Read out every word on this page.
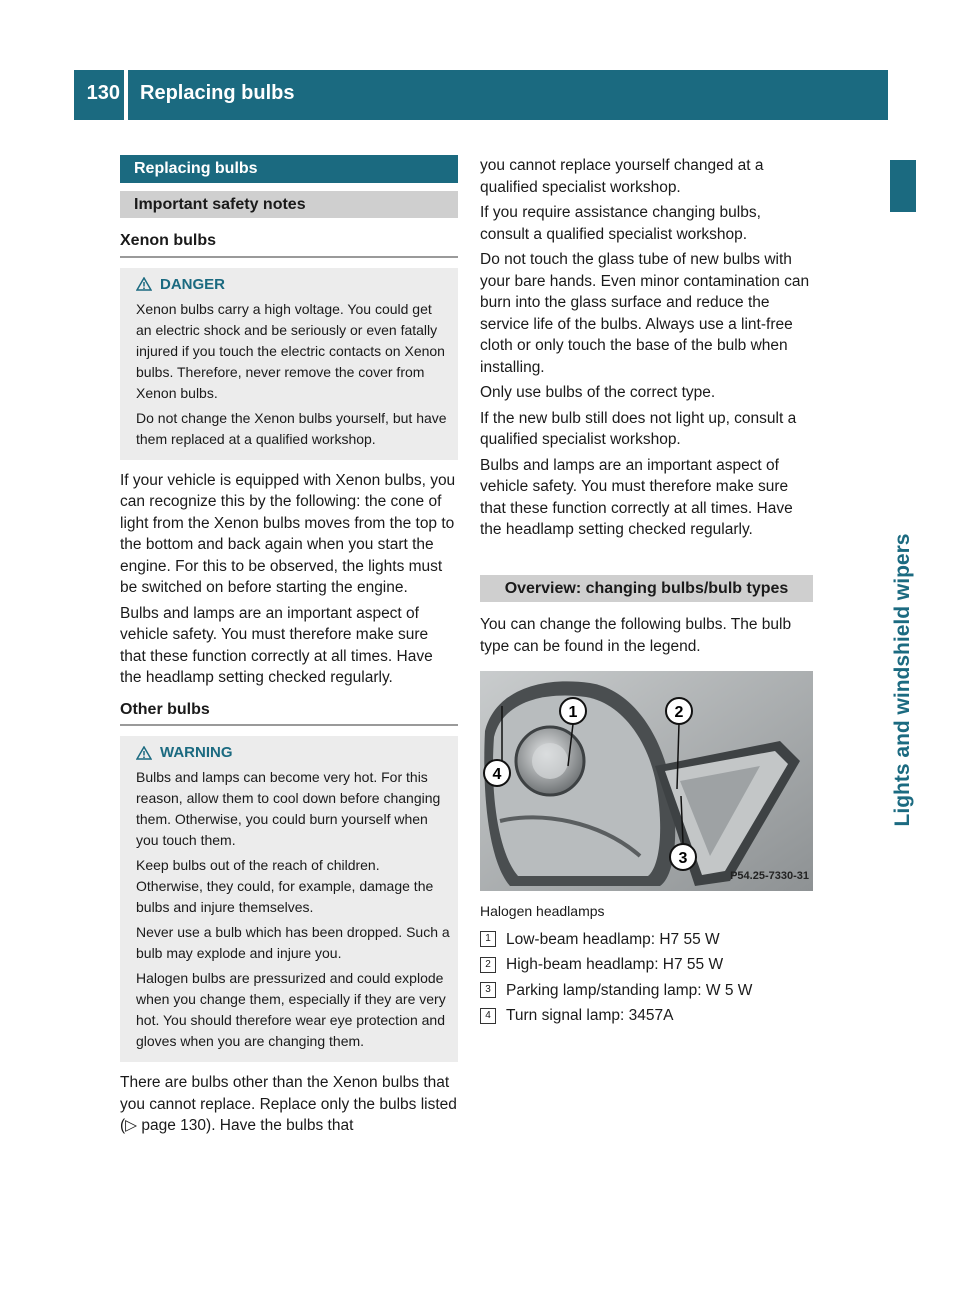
130 Replacing bulbs
Lights and windshield wipers
Replacing bulbs
Important safety notes
Xenon bulbs
DANGER

Xenon bulbs carry a high voltage. You could get an electric shock and be seriously or even fatally injured if you touch the electric contacts on Xenon bulbs. Therefore, never remove the cover from Xenon bulbs.

Do not change the Xenon bulbs yourself, but have them replaced at a qualified workshop.

If your vehicle is equipped with Xenon bulbs, you can recognize this by the following: the cone of light from the Xenon bulbs moves from the top to the bottom and back again when you start the engine. For this to be observed, the lights must be switched on before starting the engine.

Bulbs and lamps are an important aspect of vehicle safety. You must therefore make sure that these function correctly at all times. Have the headlamp setting checked regularly.

Other bulbs
WARNING

Bulbs and lamps can become very hot. For this reason, allow them to cool down before changing them. Otherwise, you could burn yourself when you touch them.

Keep bulbs out of the reach of children. Otherwise, they could, for example, damage the bulbs and injure themselves.

Never use a bulb which has been dropped. Such a bulb may explode and injure you.

Halogen bulbs are pressurized and could explode when you change them, especially if they are very hot. You should therefore wear eye protection and gloves when you are changing them.

There are bulbs other than the Xenon bulbs that you cannot replace. Replace only the bulbs listed (▷ page 130). Have the bulbs that

you cannot replace yourself changed at a qualified specialist workshop.

If you require assistance changing bulbs, consult a qualified specialist workshop.

Do not touch the glass tube of new bulbs with your bare hands. Even minor contamination can burn into the glass surface and reduce the service life of the bulbs. Always use a lint-free cloth or only touch the base of the bulb when installing.

Only use bulbs of the correct type.

If the new bulb still does not light up, consult a qualified specialist workshop.

Bulbs and lamps are an important aspect of vehicle safety. You must therefore make sure that these function correctly at all times. Have the headlamp setting checked regularly.

Overview: changing bulbs/bulb types

You can change the following bulbs. The bulb type can be found in the legend.

1	2
3
4
P54.25-7330-31
Halogen headlamps
1 Low-beam headlamp: H7 55 W
2 High-beam headlamp: H7 55 W
3 Parking lamp/standing lamp: W 5 W
4 Turn signal lamp: 3457A
